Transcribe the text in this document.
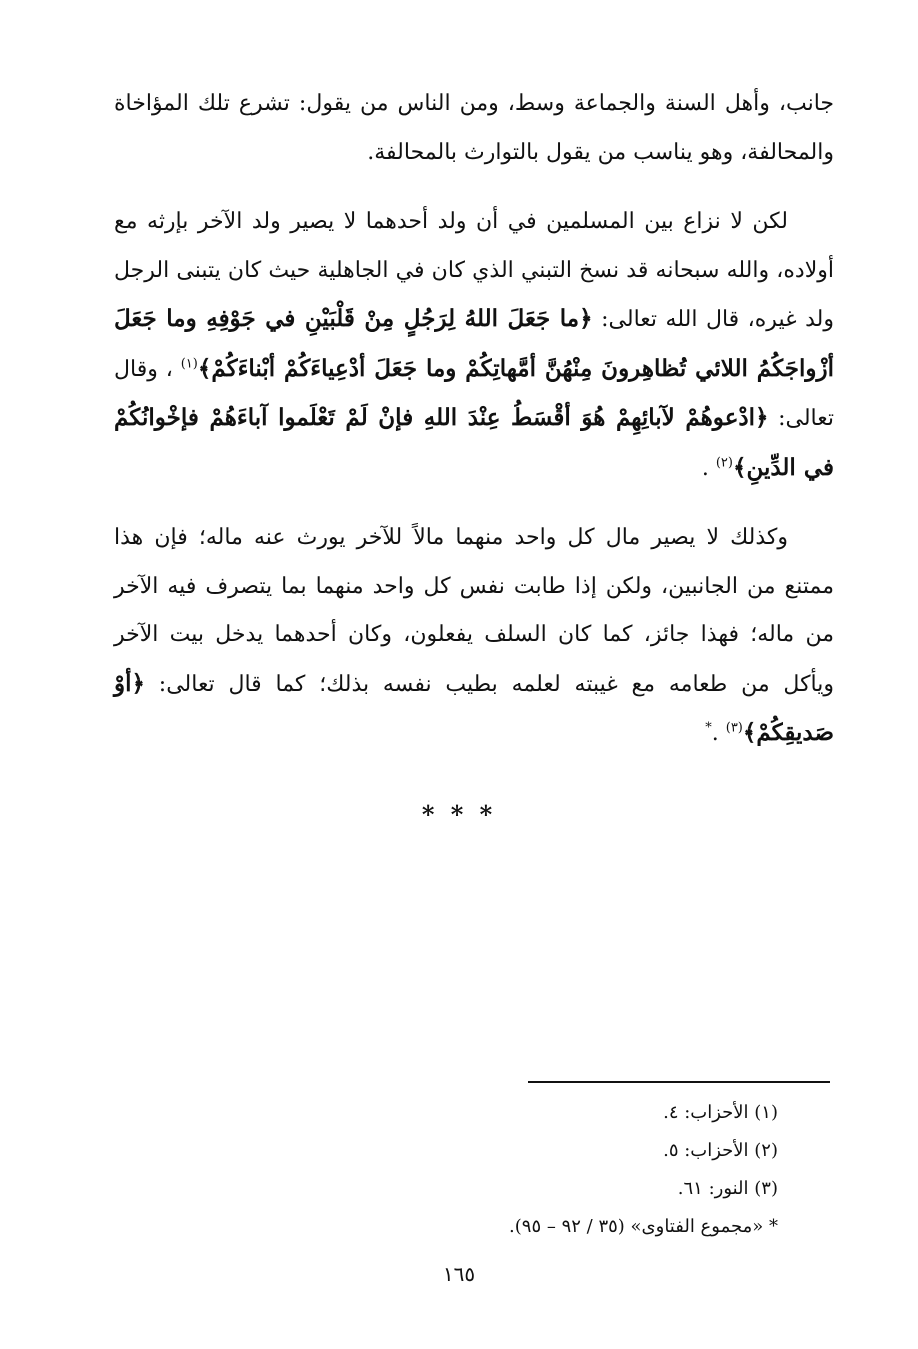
جانب، وأهل السنة والجماعة وسط، ومن الناس من يقول: تشرع تلك المؤاخاة والمحالفة، وهو يناسب من يقول بالتوارث بالمحالفة.

لكن لا نزاع بين المسلمين في أن ولد أحدهما لا يصير ولد الآخر بإرثه مع أولاده، والله سبحانه قد نسخ التبني الذي كان في الجاهلية حيث كان يتبنى الرجل ولد غيره، قال الله تعالى: ﴿ما جَعَلَ اللهُ لِرَجُلٍ مِنْ قَلْبَيْنِ في جَوْفِهِ وما جَعَلَ أزْواجَكُمُ اللائي تُظاهِرونَ مِنْهُنَّ أمَّهاتِكُمْ وما جَعَلَ أدْعِياءَكُمْ أبْناءَكُمْ﴾$^{(١)}$ ، وقال تعالى: ﴿ادْعوهُمْ لآبائِهِمْ هُوَ أقْسَطُ عِنْدَ اللهِ فإنْ لَمْ تَعْلَموا آباءَهُمْ فإخْوانُكُمْ في الدِّينِ﴾$^{(٢)}$ .

وكذلك لا يصير مال كل واحد منهما مالاً للآخر يورث عنه ماله؛ فإن هذا ممتنع من الجانبين، ولكن إذا طابت نفس كل واحد منهما بما يتصرف فيه الآخر من ماله؛ فهذا جائز، كما كان السلف يفعلون، وكان أحدهما يدخل بيت الآخر ويأكل من طعامه مع غيبته لعلمه بطيب نفسه بذلك؛ كما قال تعالى: ﴿أوْ صَديقِكُمْ﴾$^{(٣)}$ .*

* * *

(١) الأحزاب: ٤.

(٢) الأحزاب: ٥.

(٣) النور: ٦١.

* «مجموع الفتاوى» (٣٥ / ٩٢ – ٩٥).

١٦٥
